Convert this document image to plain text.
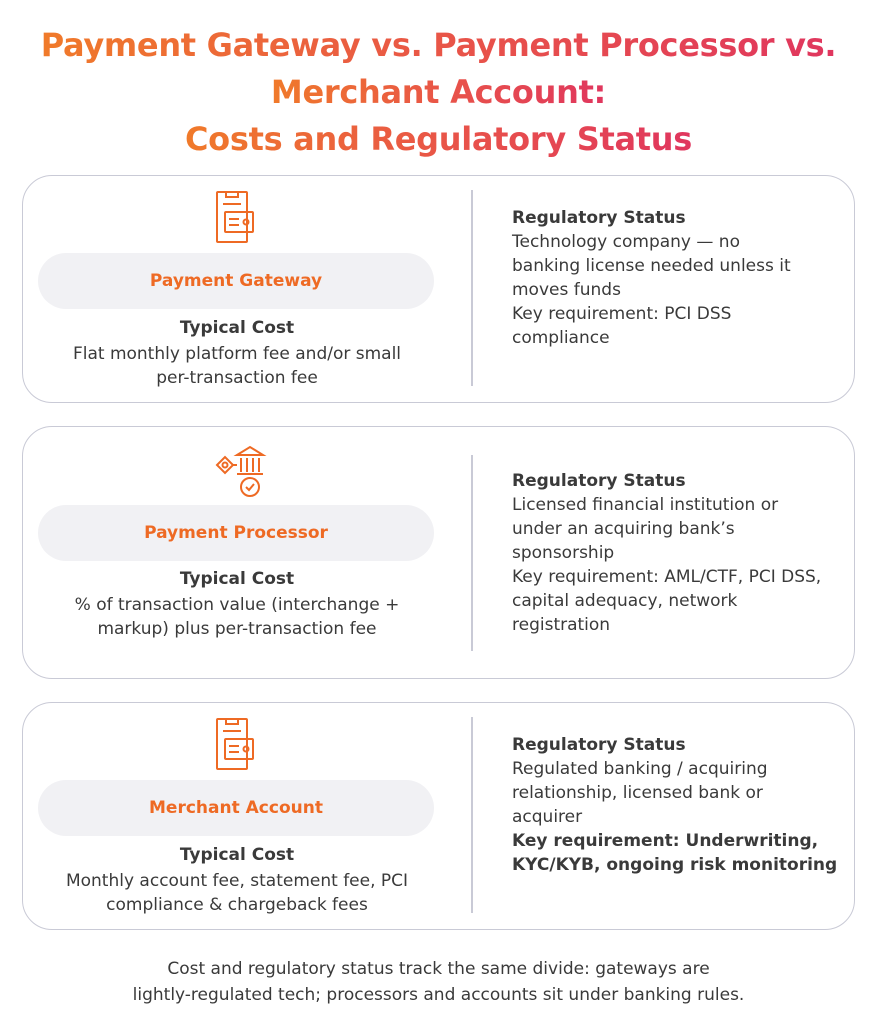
Payment Gateway vs. Payment Processor vs.
Merchant Account:
Costs and Regulatory Status
Payment Gateway
Typical Cost
Flat monthly platform fee and/or small
per-transaction fee
Regulatory Status
Technology company — no
banking license needed unless it
moves funds
Key requirement: PCI DSS
compliance
Payment Processor
Typical Cost
% of transaction value (interchange +
markup) plus per-transaction fee
Regulatory Status
Licensed financial institution or
under an acquiring bank’s
sponsorship
Key requirement: AML/CTF, PCI DSS,
capital adequacy, network
registration
Merchant Account
Typical Cost
Monthly account fee, statement fee, PCI
compliance & chargeback fees
Regulatory Status
Regulated banking / acquiring
relationship, licensed bank or
acquirer
Key requirement: Underwriting,
KYC/KYB, ongoing risk monitoring
Cost and regulatory status track the same divide: gateways are
lightly-regulated tech; processors and accounts sit under banking rules.
